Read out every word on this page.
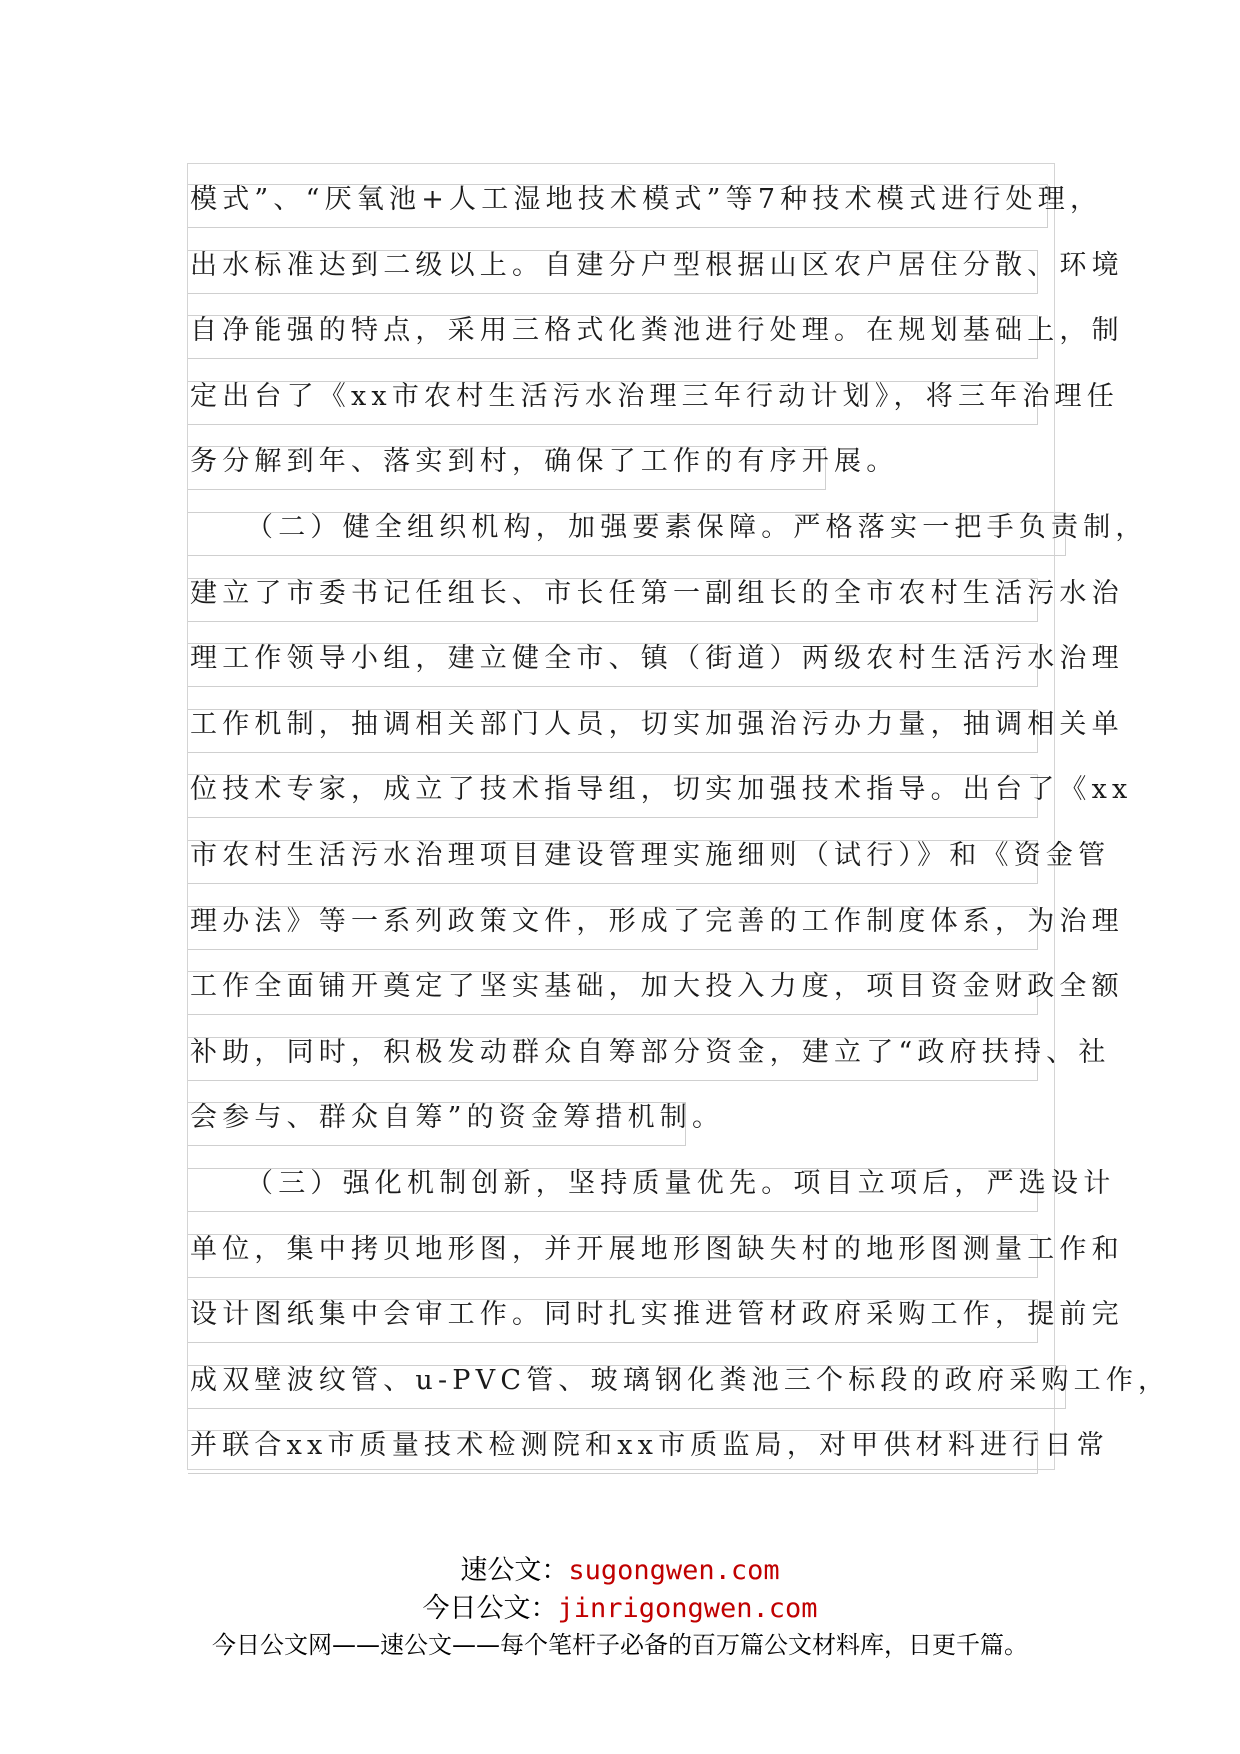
模式”、“厌氧池+人工湿地技术模式”等7种技术模式进行处理，
出水标准达到二级以上。自建分户型根据山区农户居住分散、环境
自净能强的特点，采用三格式化粪池进行处理。在规划基础上，制
定出台了《xx市农村生活污水治理三年行动计划》，将三年治理任
务分解到年、落实到村，确保了工作的有序开展。
（二）健全组织机构，加强要素保障。严格落实一把手负责制，
建立了市委书记任组长、市长任第一副组长的全市农村生活污水治
理工作领导小组，建立健全市、镇（街道）两级农村生活污水治理
工作机制，抽调相关部门人员，切实加强治污办力量，抽调相关单
位技术专家，成立了技术指导组，切实加强技术指导。出台了《xx
市农村生活污水治理项目建设管理实施细则（试行）》和《资金管
理办法》等一系列政策文件，形成了完善的工作制度体系，为治理
工作全面铺开奠定了坚实基础，加大投入力度，项目资金财政全额
补助，同时，积极发动群众自筹部分资金，建立了“政府扶持、社
会参与、群众自筹”的资金筹措机制。
（三）强化机制创新，坚持质量优先。项目立项后，严选设计
单位，集中拷贝地形图，并开展地形图缺失村的地形图测量工作和
设计图纸集中会审工作。同时扎实推进管材政府采购工作，提前完
成双壁波纹管、u-PVC管、玻璃钢化粪池三个标段的政府采购工作，
并联合xx市质量技术检测院和xx市质监局，对甲供材料进行日常
速公文：sugongwen.com
今日公文：jinrigongwen.com
今日公文网——速公文——每个笔杆子必备的百万篇公文材料库，日更千篇。
